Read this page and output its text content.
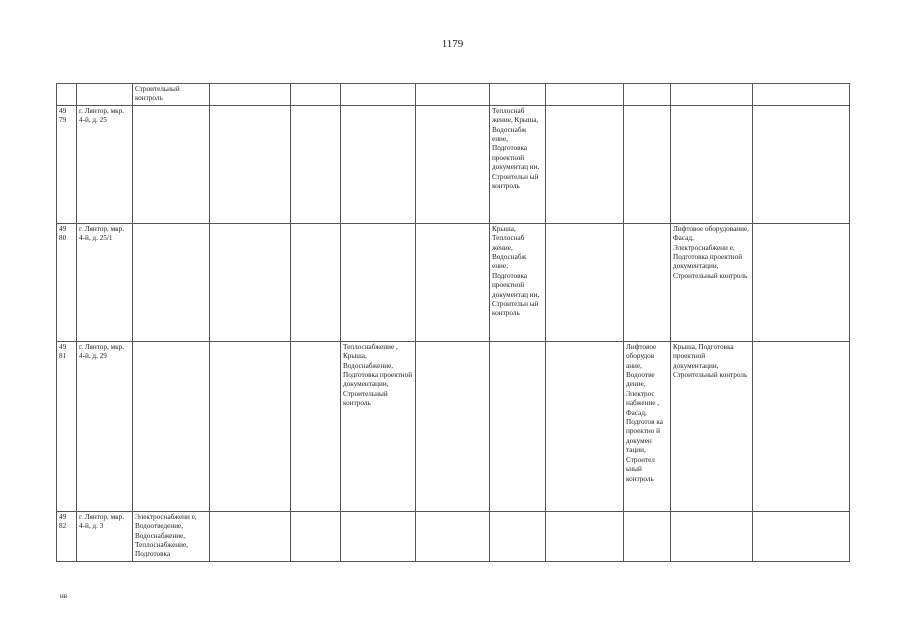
1179
		Строительный контроль									
49 79	г. Лянтор, мкр. 4-й, д. 25						Теплоснаб жение, Крыша, Водоснабж ение, Подготовка проектной документац ии, Строительн ый контроль				
49 80	г. Лянтор, мкр. 4-й, д. 25/1						Крыша, Теплоснаб жение, Водоснабж ение, Подготовка проектной документац ии, Строительн ый контроль			Лифтовое оборудование, Фасад, Электроснабжени е, Подготовка проектной документации, Строительный контроль	
49 81	г. Лянтор, мкр. 4-й, д. 29				Теплоснабжение , Крыша, Водоснабжение, Подготовка проектной документации, Строительный контроль				Лифтовое оборудов ание, Водоотве дение, Электрос набжение , Фасад, Подготов ка проектно й докумен тации, Строител ьный контроль	Крыша, Подготовка проектной документации, Строительный контроль	
49 82	г. Лянтор, мкр. 4-й, д. 3	Электроснабжени е, Водоотведение, Водоснабжение, Теплоснабжение, Подготовка									
нв
